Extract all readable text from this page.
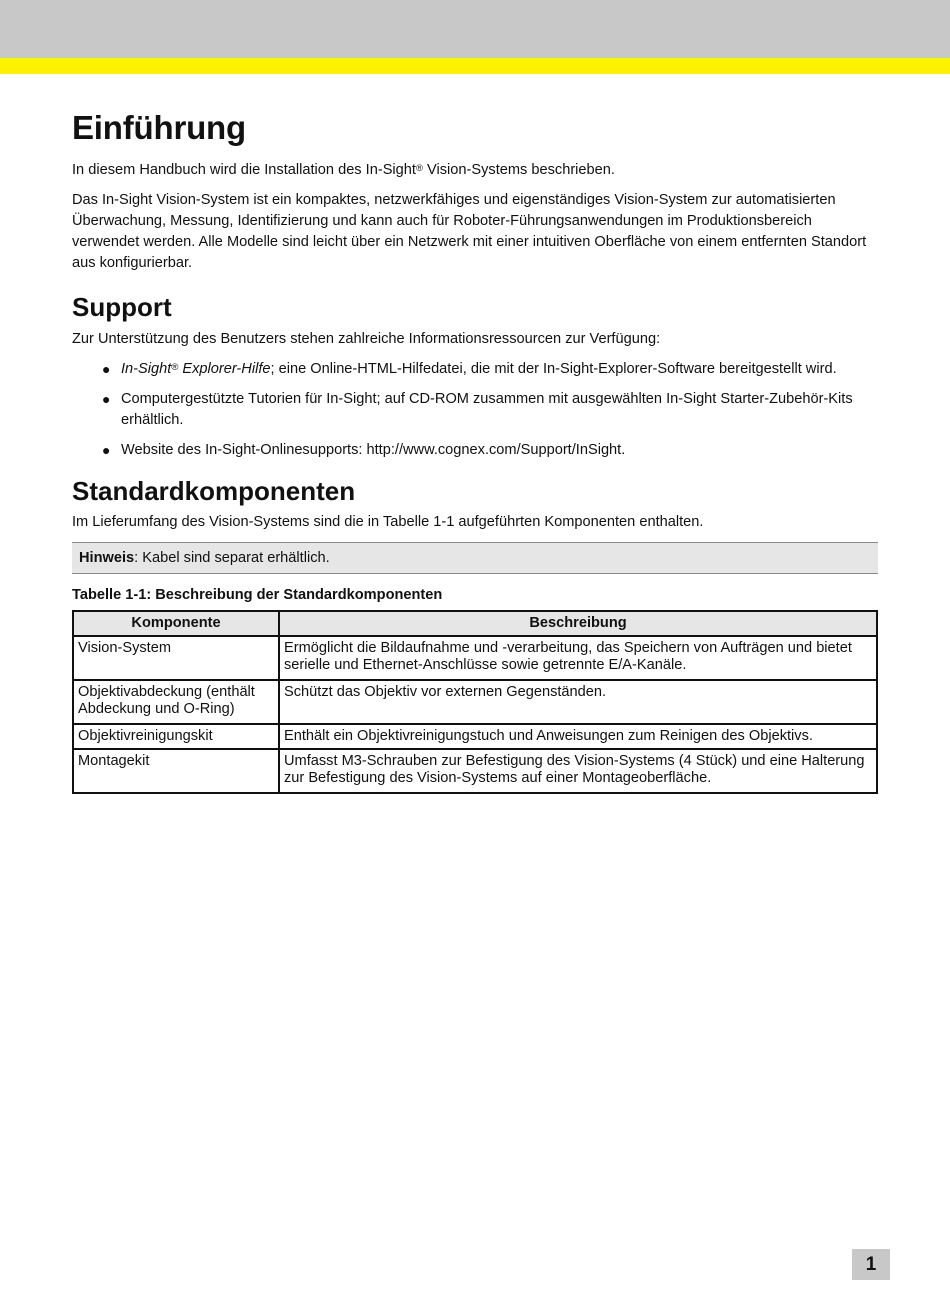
Einführung

In diesem Handbuch wird die Installation des In-Sight® Vision-Systems beschrieben.

Das In-Sight Vision-System ist ein kompaktes, netzwerkfähiges und eigenständiges Vision-System zur automatisierten Überwachung, Messung, Identifizierung und kann auch für Roboter-Führungsanwendungen im Produktionsbereich verwendet werden. Alle Modelle sind leicht über ein Netzwerk mit einer intuitiven Oberfläche von einem entfernten Standort aus konfigurierbar.

Support

Zur Unterstützung des Benutzers stehen zahlreiche Informationsressourcen zur Verfügung:

● In-Sight® Explorer-Hilfe; eine Online-HTML-Hilfedatei, die mit der In-Sight-Explorer-Software bereitgestellt wird.
● Computergestützte Tutorien für In-Sight; auf CD-ROM zusammen mit ausgewählten In-Sight Starter-Zubehör-Kits erhältlich.
● Website des In-Sight-Onlinesupports: http://www.cognex.com/Support/InSight.
Standardkomponenten

Im Lieferumfang des Vision-Systems sind die in Tabelle 1-1 aufgeführten Komponenten enthalten.

Hinweis: Kabel sind separat erhältlich.
Tabelle 1-1: Beschreibung der Standardkomponenten
Komponente	Beschreibung
Vision-System	Ermöglicht die Bildaufnahme und -verarbeitung, das Speichern von Aufträgen und bietet serielle und Ethernet-Anschlüsse sowie getrennte E/A-Kanäle.
Objektivabdeckung (enthält Abdeckung und O-Ring)	Schützt das Objektiv vor externen Gegenständen.
Objektivreinigungskit	Enthält ein Objektivreinigungstuch und Anweisungen zum Reinigen des Objektivs.
Montagekit	Umfasst M3-Schrauben zur Befestigung des Vision-Systems (4 Stück) und eine Halterung zur Befestigung des Vision-Systems auf einer Montageoberfläche.
1
